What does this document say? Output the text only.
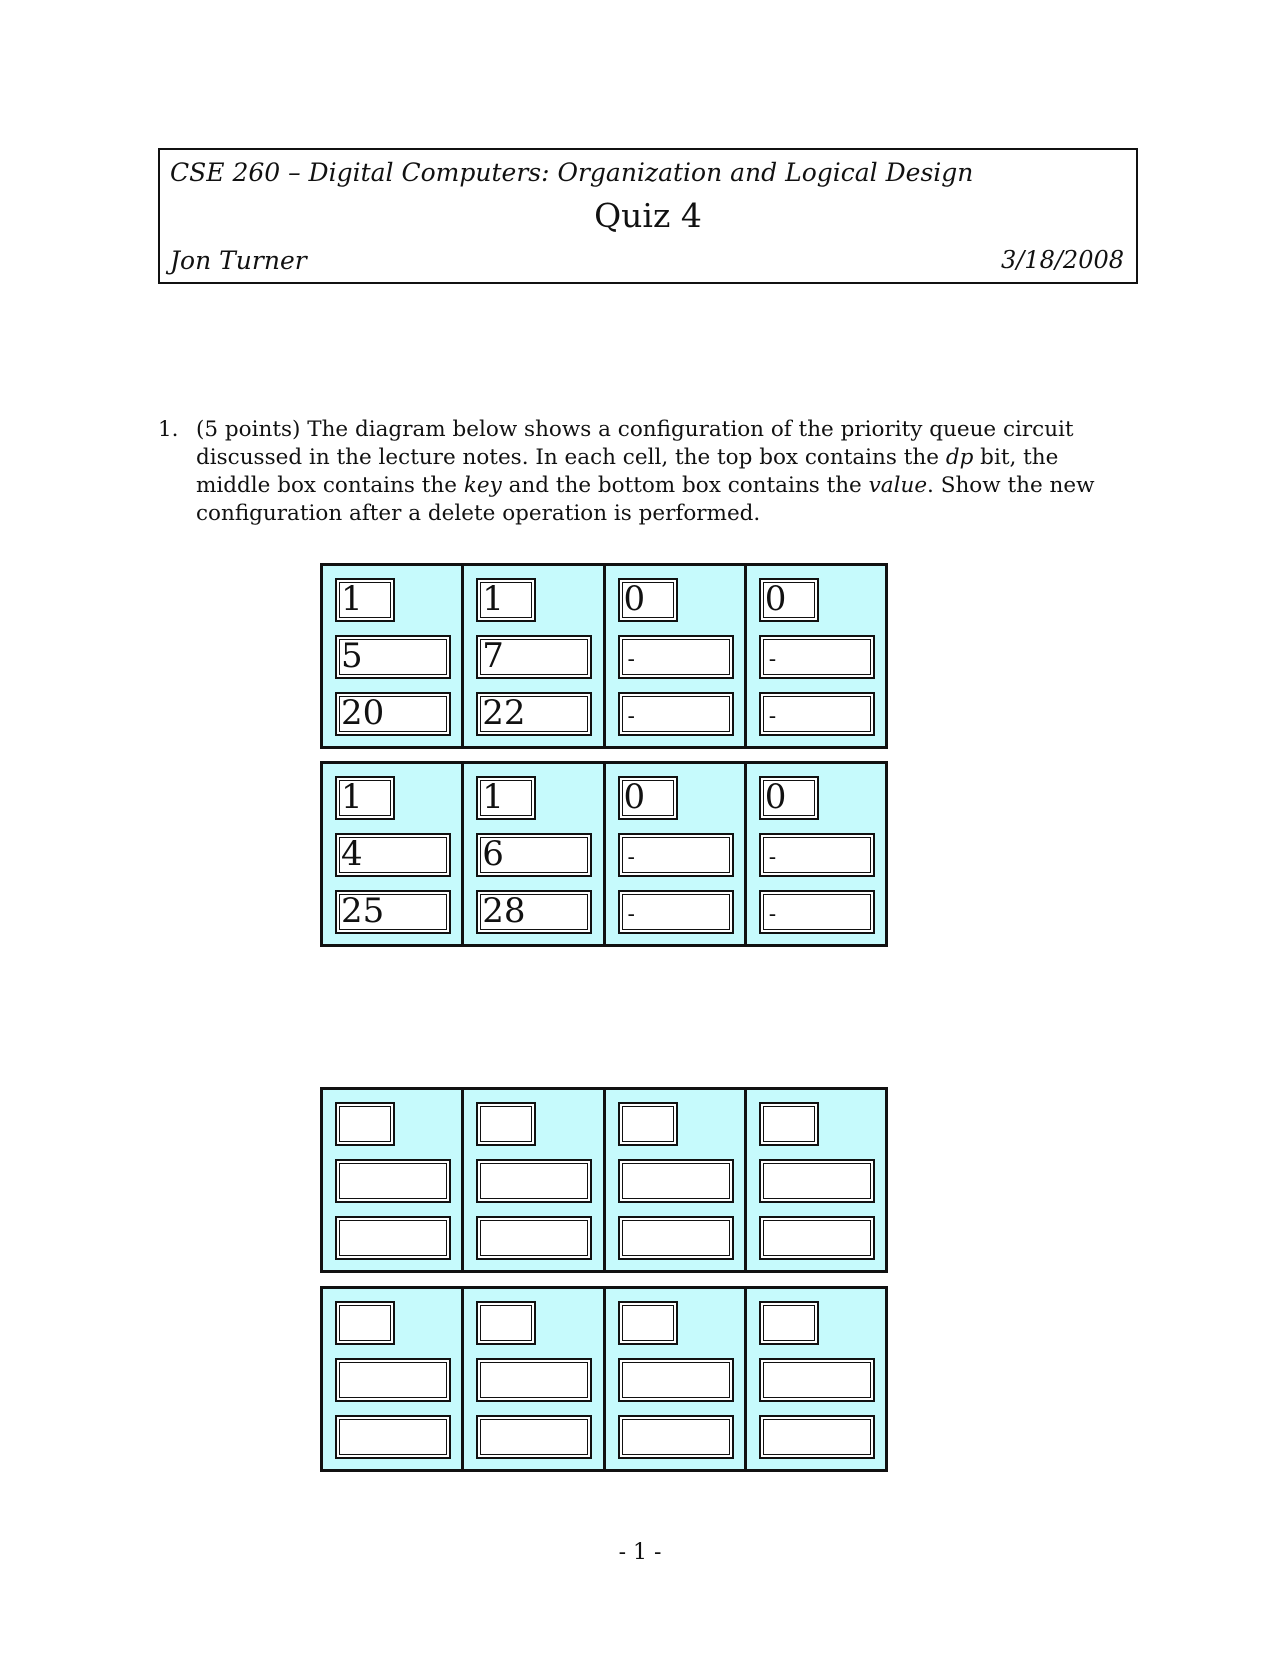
CSE 260 – Digital Computers: Organization and Logical Design
Quiz 4
Jon Turner	3/18/2008
1. (5 points) The diagram below shows a configuration of the priority queue circuit discussed in the lecture notes. In each cell, the top box contains the dp bit, the middle box contains the key and the bottom box contains the value. Show the new configuration after a delete operation is performed.
1
5
20
1
7
22
0
-
-
0
-
-
1
4
25
1
6
28
0
-
-
0
-
-
- 1 -
